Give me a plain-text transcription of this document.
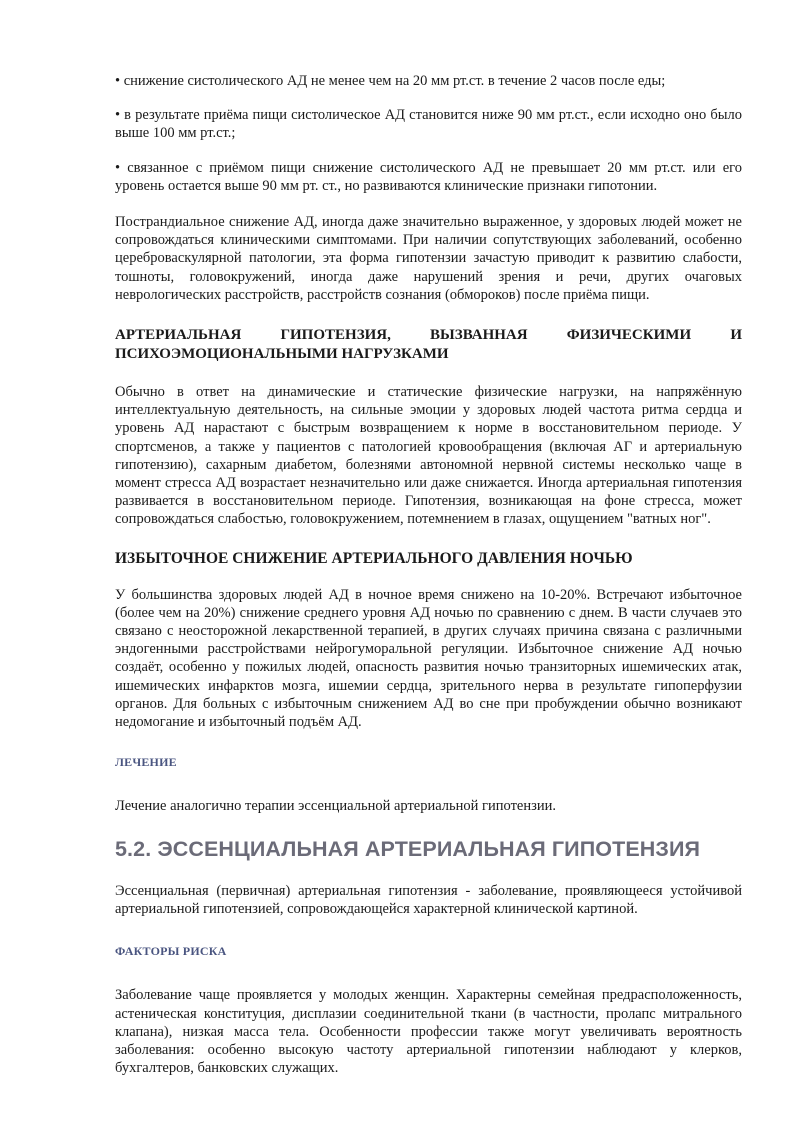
• снижение систолического АД не менее чем на 20 мм рт.ст. в течение 2 часов после еды;

• в результате приёма пищи систолическое АД становится ниже 90 мм рт.ст., если исходно оно было выше 100 мм рт.ст.;

• связанное с приёмом пищи снижение систолического АД не превышает 20 мм рт.ст. или его уровень остается выше 90 мм рт. ст., но развиваются клинические признаки гипотонии.

Пострандиальное снижение АД, иногда даже значительно выраженное, у здоровых людей может не сопровождаться клиническими симптомами. При наличии сопутствующих заболеваний, особенно цереброваскулярной патологии, эта форма гипотензии зачастую приводит к развитию слабости, тошноты, головокружений, иногда даже нарушений зрения и речи, других очаговых неврологических расстройств, расстройств сознания (обмороков) после приёма пищи.

АРТЕРИАЛЬНАЯ ГИПОТЕНЗИЯ, ВЫЗВАННАЯ ФИЗИЧЕСКИМИ И ПСИХОЭМОЦИОНАЛЬНЫМИ НАГРУЗКАМИ

Обычно в ответ на динамические и статические физические нагрузки, на напряжённую интеллектуальную деятельность, на сильные эмоции у здоровых людей частота ритма сердца и уровень АД нарастают с быстрым возвращением к норме в восстановительном периоде. У спортсменов, а также у пациентов с патологией кровообращения (включая АГ и артериальную гипотензию), сахарным диабетом, болезнями автономной нервной системы несколько чаще в момент стресса АД возрастает незначительно или даже снижается. Иногда артериальная гипотензия развивается в восстановительном периоде. Гипотензия, возникающая на фоне стресса, может сопровождаться слабостью, головокружением, потемнением в глазах, ощущением "ватных ног".

ИЗБЫТОЧНОЕ СНИЖЕНИЕ АРТЕРИАЛЬНОГО ДАВЛЕНИЯ НОЧЬЮ

У большинства здоровых людей АД в ночное время снижено на 10-20%. Встречают избыточное (более чем на 20%) снижение среднего уровня АД ночью по сравнению с днем. В части случаев это связано с неосторожной лекарственной терапией, в других случаях причина связана с различными эндогенными расстройствами нейрогуморальной регуляции. Избыточное снижение АД ночью создаёт, особенно у пожилых людей, опасность развития ночью транзиторных ишемических атак, ишемических инфарктов мозга, ишемии сердца, зрительного нерва в результате гипоперфузии органов. Для больных с избыточным снижением АД во сне при пробуждении обычно возникают недомогание и избыточный подъём АД.

ЛЕЧЕНИЕ

Лечение аналогично терапии эссенциальной артериальной гипотензии.

5.2. ЭССЕНЦИАЛЬНАЯ АРТЕРИАЛЬНАЯ ГИПОТЕНЗИЯ

Эссенциальная (первичная) артериальная гипотензия - заболевание, проявляющееся устойчивой артериальной гипотензией, сопровождающейся характерной клинической картиной.

ФАКТОРЫ РИСКА

Заболевание чаще проявляется у молодых женщин. Характерны семейная предрасположенность, астеническая конституция, дисплазии соединительной ткани (в частности, пролапс митрального клапана), низкая масса тела. Особенности профессии также могут увеличивать вероятность заболевания: особенно высокую частоту артериальной гипотензии наблюдают у клерков, бухгалтеров, банковских служащих.
